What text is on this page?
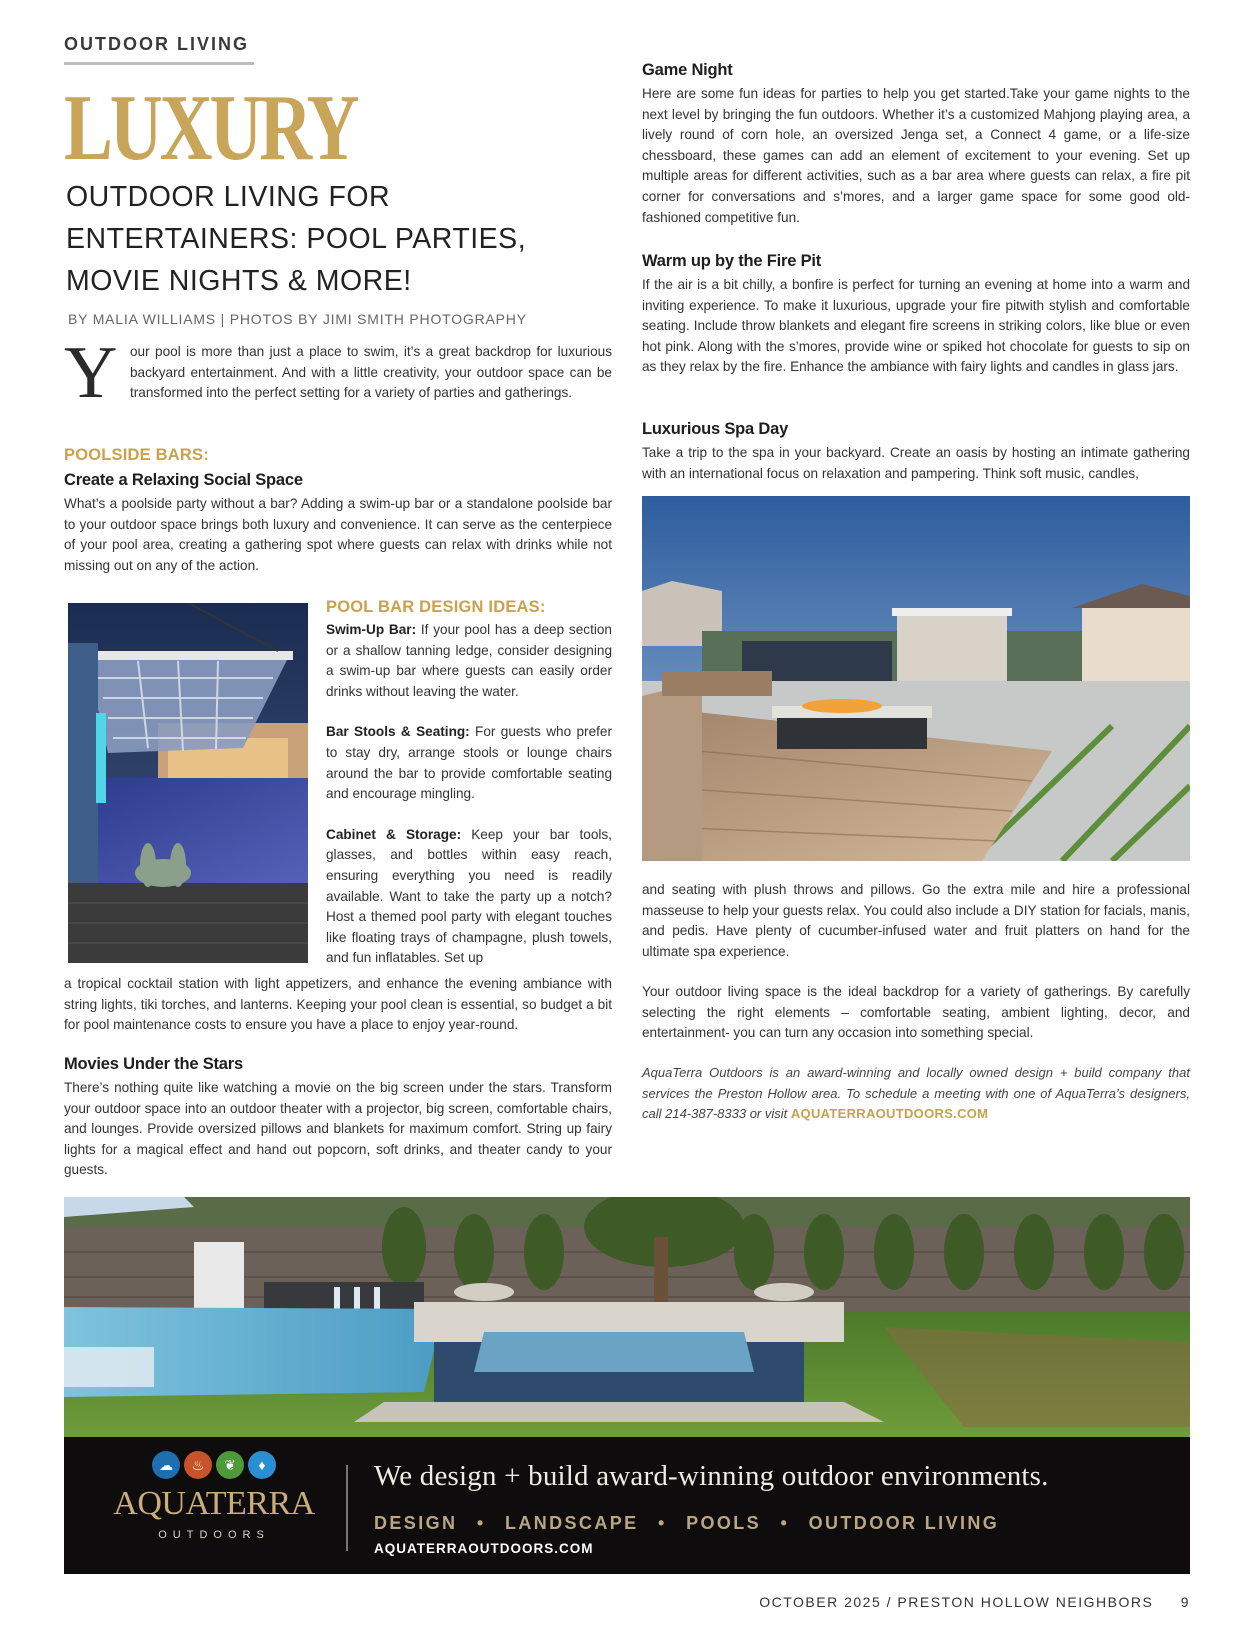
OUTDOOR LIVING
LUXURY
OUTDOOR LIVING FOR
ENTERTAINERS: POOL PARTIES,
MOVIE NIGHTS & MORE!
BY MALIA WILLIAMS | PHOTOS BY JIMI SMITH PHOTOGRAPHY
Y our pool is more than just a place to swim, it’s a great backdrop for luxurious backyard entertainment. And with a little creativity, your outdoor space can be transformed into the perfect setting for a variety of parties and gatherings.
POOLSIDE BARS:
Create a Relaxing Social Space
What’s a poolside party without a bar? Adding a swim-up bar or a standalone poolside bar to your outdoor space brings both luxury and convenience. It can serve as the centerpiece of your pool area, creating a gathering spot where guests can relax with drinks while not missing out on any of the action.
POOL BAR DESIGN IDEAS:

Swim-Up Bar: If your pool has a deep section or a shallow tanning ledge, consider designing a swim-up bar where guests can easily order drinks without leaving the water.

Bar Stools & Seating: For guests who prefer to stay dry, arrange stools or lounge chairs around the bar to provide comfortable seating and encourage mingling.

Cabinet & Storage: Keep your bar tools, glasses, and bottles within easy reach, ensuring everything you need is readily available. Want to take the party up a notch? Host a themed pool party with elegant touches like floating trays of champagne, plush towels, and fun inflatables. Set up

a tropical cocktail station with light appetizers, and enhance the evening ambiance with string lights, tiki torches, and lanterns. Keeping your pool clean is essential, so budget a bit for pool maintenance costs to ensure you have a place to enjoy year-round.
Movies Under the Stars
There’s nothing quite like watching a movie on the big screen under the stars. Transform your outdoor space into an outdoor theater with a projector, big screen, comfortable chairs, and lounges. Provide oversized pillows and blankets for maximum comfort. String up fairy lights for a magical effect and hand out popcorn, soft drinks, and theater candy to your guests.
Game Night
Here are some fun ideas for parties to help you get started.Take your game nights to the next level by bringing the fun outdoors. Whether it’s a customized Mahjong playing area, a lively round of corn hole, an oversized Jenga set, a Connect 4 game, or a life-size chessboard, these games can add an element of excitement to your evening. Set up multiple areas for different activities, such as a bar area where guests can relax, a fire pit corner for conversations and s’mores, and a larger game space for some good old-fashioned competitive fun.
Warm up by the Fire Pit
If the air is a bit chilly, a bonfire is perfect for turning an evening at home into a warm and inviting experience. To make it luxurious, upgrade your fire pitwith stylish and comfortable seating. Include throw blankets and elegant fire screens in striking colors, like blue or even hot pink. Along with the s’mores, provide wine or spiked hot chocolate for guests to sip on as they relax by the fire. Enhance the ambiance with fairy lights and candles in glass jars.
Luxurious Spa Day
Take a trip to the spa in your backyard. Create an oasis by hosting an intimate gathering with an international focus on relaxation and pampering. Think soft music, candles,
and seating with plush throws and pillows. Go the extra mile and hire a professional masseuse to help your guests relax. You could also include a DIY station for facials, manis, and pedis. Have plenty of cucumber-infused water and fruit platters on hand for the ultimate spa experience.
Your outdoor living space is the ideal backdrop for a variety of gatherings. By carefully selecting the right elements – comfortable seating, ambient lighting, decor, and entertainment- you can turn any occasion into something special.
AquaTerra Outdoors is an award-winning and locally owned design + build company that services the Preston Hollow area. To schedule a meeting with one of AquaTerra’s designers, call 214-387-8333 or visit AQUATERRAOUTDOORS.COM
☁	♨	❦	♦
AQUATERRA
OUTDOORS
We design + build award-winning outdoor environments.
DESIGN • LANDSCAPE • POOLS • OUTDOOR LIVING
AQUATERRAOUTDOORS.COM
OCTOBER 2025 / PRESTON HOLLOW NEIGHBORS 9
